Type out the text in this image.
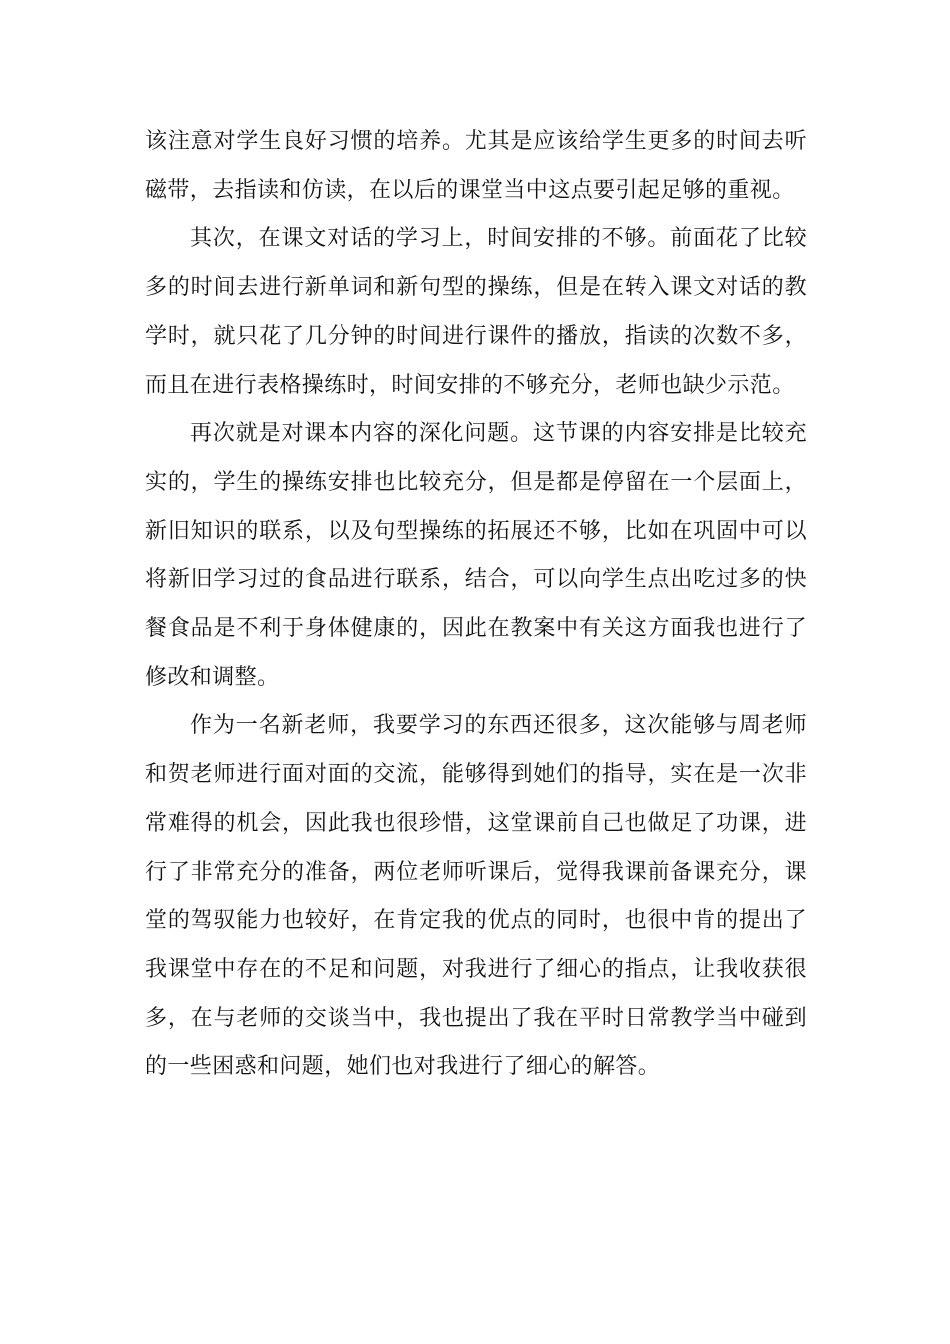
该注意对学生良好习惯的培养。尤其是应该给学生更多的时间去听磁带，去指读和仿读，在以后的课堂当中这点要引起足够的重视。

其次，在课文对话的学习上，时间安排的不够。前面花了比较多的时间去进行新单词和新句型的操练，但是在转入课文对话的教学时，就只花了几分钟的时间进行课件的播放，指读的次数不多，而且在进行表格操练时，时间安排的不够充分，老师也缺少示范。

再次就是对课本内容的深化问题。这节课的内容安排是比较充实的，学生的操练安排也比较充分，但是都是停留在一个层面上，新旧知识的联系，以及句型操练的拓展还不够，比如在巩固中可以将新旧学习过的食品进行联系，结合，可以向学生点出吃过多的快餐食品是不利于身体健康的，因此在教案中有关这方面我也进行了修改和调整。

作为一名新老师，我要学习的东西还很多，这次能够与周老师和贺老师进行面对面的交流，能够得到她们的指导，实在是一次非常难得的机会，因此我也很珍惜，这堂课前自己也做足了功课，进行了非常充分的准备，两位老师听课后，觉得我课前备课充分，课堂的驾驭能力也较好，在肯定我的优点的同时，也很中肯的提出了我课堂中存在的不足和问题，对我进行了细心的指点，让我收获很多，在与老师的交谈当中，我也提出了我在平时日常教学当中碰到的一些困惑和问题，她们也对我进行了细心的解答。
